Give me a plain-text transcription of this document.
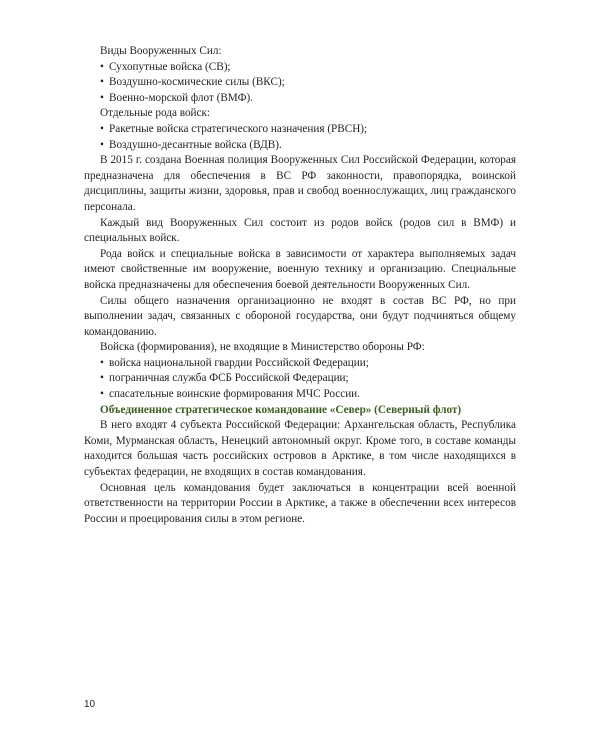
Виды Вооруженных Сил:

• Сухопутные войска (СВ);
• Воздушно-космические силы (ВКС);
• Военно-морской флот (ВМФ).

Отдельные рода войск:

• Ракетные войска стратегического назначения (РВСН);
• Воздушно-десантные войска (ВДВ).

В 2015 г. создана Военная полиция Вооруженных Сил Российской Федерации, которая предназначена для обеспечения в ВС РФ законности, правопорядка, воинской дисциплины, защиты жизни, здоровья, прав и свобод военнослужащих, лиц гражданского персонала.

Каждый вид Вооруженных Сил состоит из родов войск (родов сил в ВМФ) и специальных войск.

Рода войск и специальные войска в зависимости от характера выполняемых задач имеют свойственные им вооружение, военную технику и организацию. Специальные войска предназначены для обеспечения боевой деятельности Вооруженных Сил.

Силы общего назначения организационно не входят в состав ВС РФ, но при выполнении задач, связанных с обороной государства, они будут подчиняться общему командованию.

Войска (формирования), не входящие в Министерство обороны РФ:

• войска национальной гвардии Российской Федерации;
• пограничная служба ФСБ Российской Федерации;
• спасательные воинские формирования МЧС России.

Объединенное стратегическое командование «Север» (Северный флот)

В него входят 4 субъекта Российской Федерации: Архангельская область, Республика Коми, Мурманская область, Ненецкий автономный округ. Кроме того, в составе команды находится большая часть российских островов в Арктике, в том числе находящихся в субъектах федерации, не входящих в состав командования.

Основная цель командования будет заключаться в концентрации всей военной ответственности на территории России в Арктике, а также в обеспечении всех интересов России и проецирования силы в этом регионе.

10
